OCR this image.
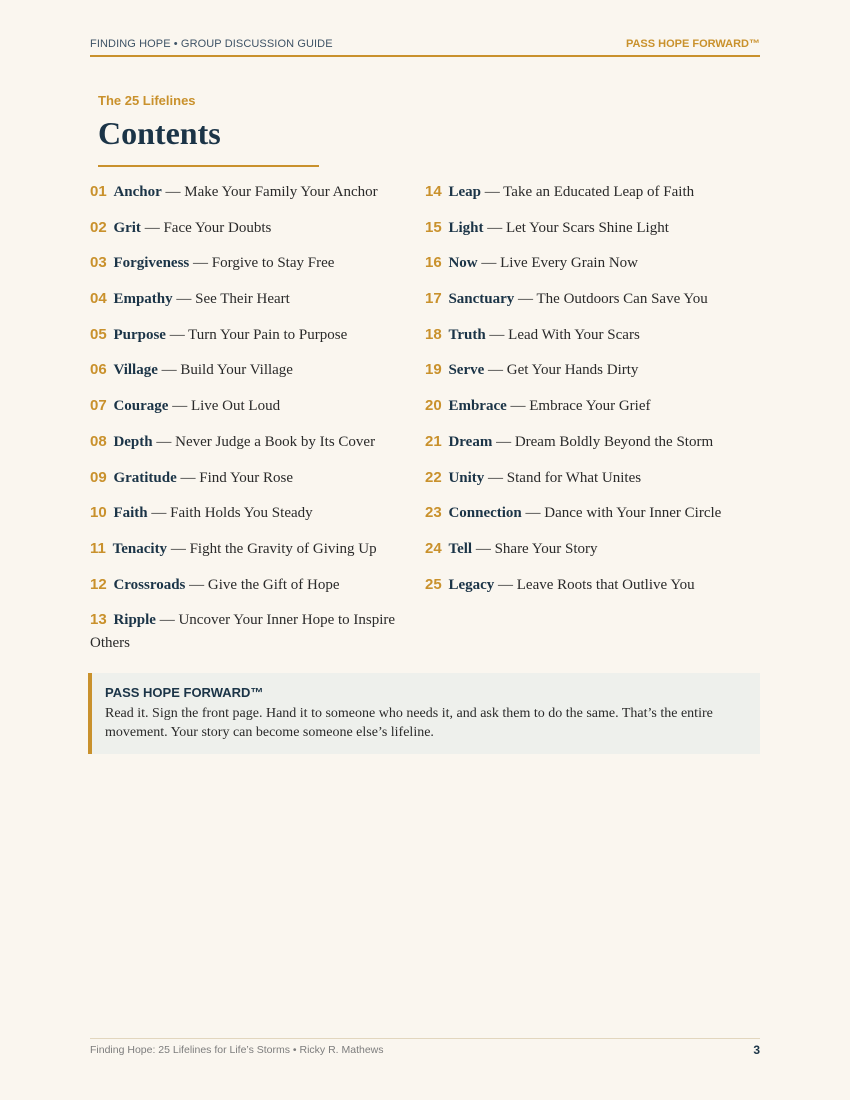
FINDING HOPE • GROUP DISCUSSION GUIDE	PASS HOPE FORWARD™
The 25 Lifelines
Contents
01 Anchor — Make Your Family Your Anchor
02 Grit — Face Your Doubts
03 Forgiveness — Forgive to Stay Free
04 Empathy — See Their Heart
05 Purpose — Turn Your Pain to Purpose
06 Village — Build Your Village
07 Courage — Live Out Loud
08 Depth — Never Judge a Book by Its Cover
09 Gratitude — Find Your Rose
10 Faith — Faith Holds You Steady
11 Tenacity — Fight the Gravity of Giving Up
12 Crossroads — Give the Gift of Hope
13 Ripple — Uncover Your Inner Hope to Inspire Others
14 Leap — Take an Educated Leap of Faith
15 Light — Let Your Scars Shine Light
16 Now — Live Every Grain Now
17 Sanctuary — The Outdoors Can Save You
18 Truth — Lead With Your Scars
19 Serve — Get Your Hands Dirty
20 Embrace — Embrace Your Grief
21 Dream — Dream Boldly Beyond the Storm
22 Unity — Stand for What Unites
23 Connection — Dance with Your Inner Circle
24 Tell — Share Your Story
25 Legacy — Leave Roots that Outlive You
PASS HOPE FORWARD™
Read it. Sign the front page. Hand it to someone who needs it, and ask them to do the same. That’s the entire movement. Your story can become someone else’s lifeline.
Finding Hope: 25 Lifelines for Life’s Storms • Ricky R. Mathews	3
